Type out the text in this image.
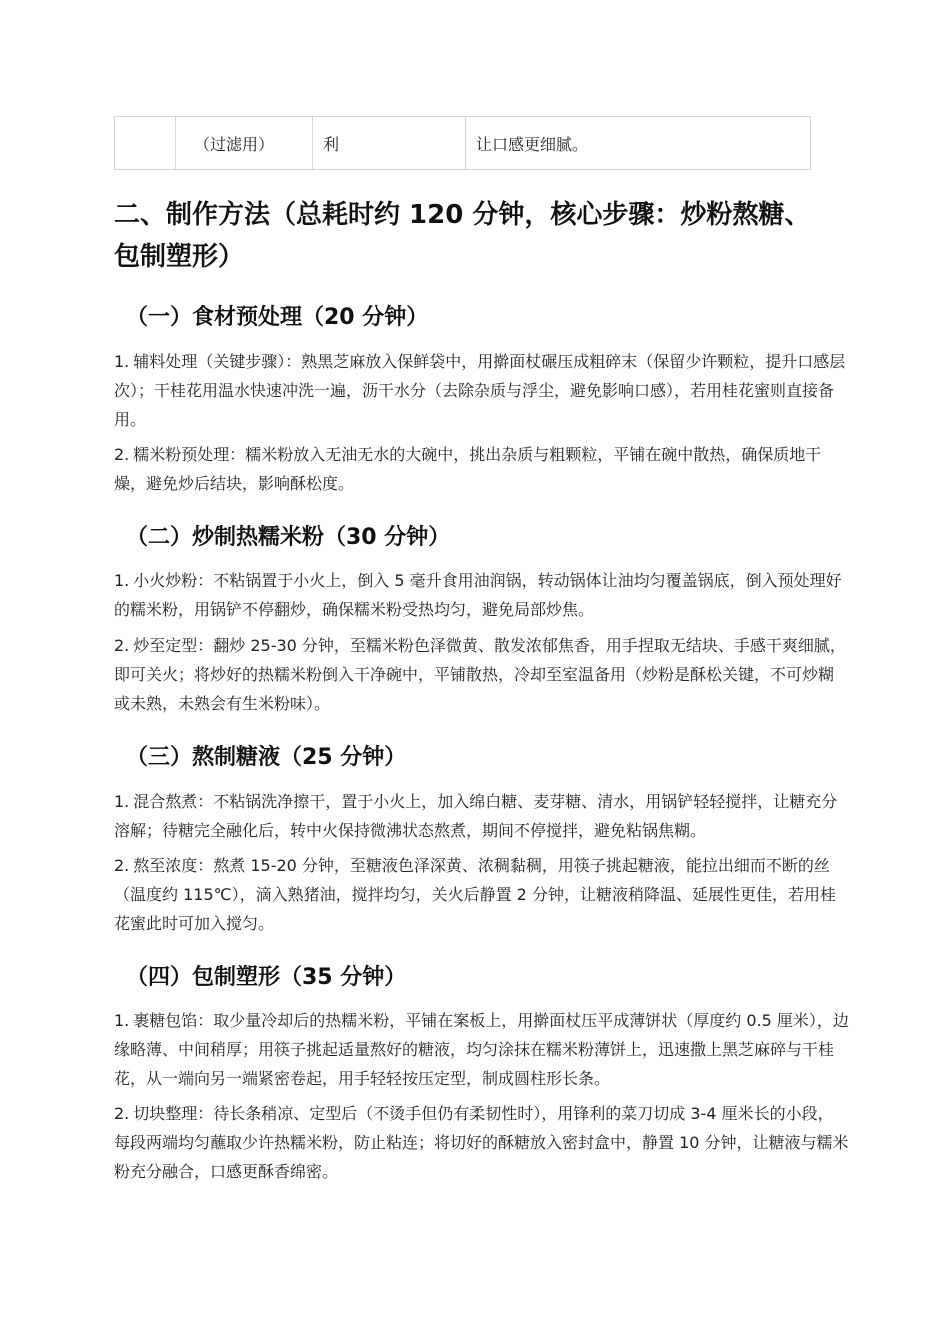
	（过滤用）	利	让口感更细腻。
二、制作方法（总耗时约 120 分钟，核心步骤：炒粉熬糖、包制塑形）
（一）食材预处理（20 分钟）

1. 辅料处理（关键步骤）：熟黑芝麻放入保鲜袋中，用擀面杖碾压成粗碎末（保留少许颗粒，提升口感层次）；干桂花用温水快速冲洗一遍，沥干水分（去除杂质与浮尘，避免影响口感），若用桂花蜜则直接备用。

2. 糯米粉预处理：糯米粉放入无油无水的大碗中，挑出杂质与粗颗粒，平铺在碗中散热，确保质地干燥，避免炒后结块，影响酥松度。

（二）炒制热糯米粉（30 分钟）

1. 小火炒粉：不粘锅置于小火上，倒入 5 毫升食用油润锅，转动锅体让油均匀覆盖锅底，倒入预处理好的糯米粉，用锅铲不停翻炒，确保糯米粉受热均匀，避免局部炒焦。

2. 炒至定型：翻炒 25-30 分钟，至糯米粉色泽微黄、散发浓郁焦香，用手捏取无结块、手感干爽细腻，即可关火；将炒好的热糯米粉倒入干净碗中，平铺散热，冷却至室温备用（炒粉是酥松关键，不可炒糊或未熟，未熟会有生米粉味）。

（三）熬制糖液（25 分钟）

1. 混合熬煮：不粘锅洗净擦干，置于小火上，加入绵白糖、麦芽糖、清水，用锅铲轻轻搅拌，让糖充分溶解；待糖完全融化后，转中火保持微沸状态熬煮，期间不停搅拌，避免粘锅焦糊。

2. 熬至浓度：熬煮 15-20 分钟，至糖液色泽深黄、浓稠黏稠，用筷子挑起糖液，能拉出细而不断的丝（温度约 115℃），滴入熟猪油，搅拌均匀，关火后静置 2 分钟，让糖液稍降温、延展性更佳，若用桂花蜜此时可加入搅匀。

（四）包制塑形（35 分钟）

1. 裹糖包馅：取少量冷却后的热糯米粉，平铺在案板上，用擀面杖压平成薄饼状（厚度约 0.5 厘米），边缘略薄、中间稍厚；用筷子挑起适量熬好的糖液，均匀涂抹在糯米粉薄饼上，迅速撒上黑芝麻碎与干桂花，从一端向另一端紧密卷起，用手轻轻按压定型，制成圆柱形长条。

2. 切块整理：待长条稍凉、定型后（不烫手但仍有柔韧性时），用锋利的菜刀切成 3-4 厘米长的小段，每段两端均匀蘸取少许热糯米粉，防止粘连；将切好的酥糖放入密封盒中，静置 10 分钟，让糖液与糯米粉充分融合，口感更酥香绵密。
